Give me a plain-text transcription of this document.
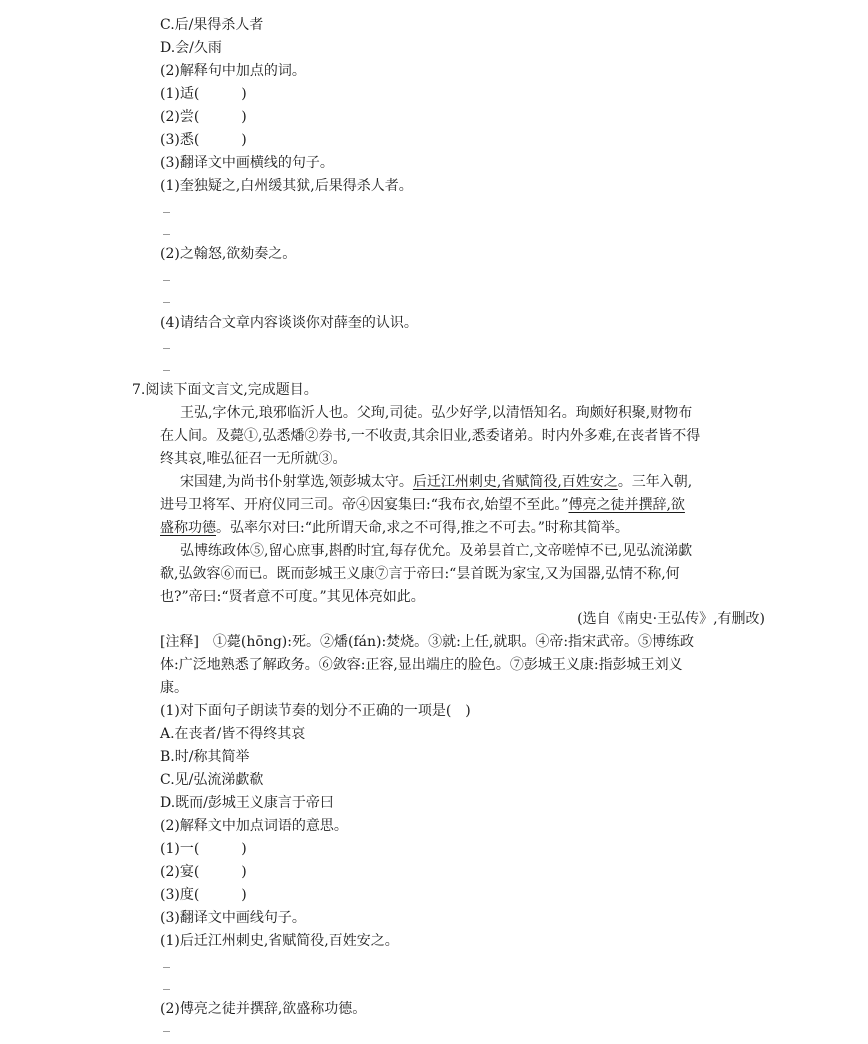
C.后/果得杀人者
D.会/久雨
(2)解释句中加点的词。
(1)适(　　　)
(2)尝(　　　)
(3)悉(　　　)
(3)翻译文中画横线的句子。
(1)奎独疑之,白州缓其狱,后果得杀人者。
(2)之翰怒,欲劾奏之。
(4)请结合文章内容谈谈你对薛奎的认识。
7.阅读下面文言文,完成题目。
王弘,字休元,琅邪临沂人也。父珣,司徒。弘少好学,以清悟知名。珣颇好积聚,财物布
在人间。及薨①,弘悉燔②券书,一不收责,其余旧业,悉委诸弟。时内外多难,在丧者皆不得
终其哀,唯弘征召一无所就③。
宋国建,为尚书仆射掌选,领彭城太守。后迁江州刺史,省赋简役,百姓安之。三年入朝,
进号卫将军、开府仪同三司。帝④因宴集曰:“我布衣,始望不至此。”傅亮之徒并撰辞,欲
盛称功德。弘率尔对曰:“此所谓天命,求之不可得,推之不可去。”时称其简举。
弘博练政体⑤,留心庶事,斟酌时宜,每存优允。及弟昙首亡,文帝嗟悼不已,见弘流涕歔
欷,弘敛容⑥而已。既而彭城王义康⑦言于帝曰:“昙首既为家宝,又为国器,弘情不称,何
也?”帝曰:“贤者意不可度。”其见体亮如此。
(选自《南史·王弘传》,有删改)
[注释]　①薨(hōng):死。②燔(fán):焚烧。③就:上任,就职。④帝:指宋武帝。⑤博练政
体:广泛地熟悉了解政务。⑥敛容:正容,显出端庄的脸色。⑦彭城王义康:指彭城王刘义
康。
(1)对下面句子朗读节奏的划分不正确的一项是(　)
A.在丧者/皆不得终其哀
B.时/称其简举
C.见/弘流涕歔欷
D.既而/彭城王义康言于帝曰
(2)解释文中加点词语的意思。
(1)一(　　　)
(2)宴(　　　)
(3)度(　　　)
(3)翻译文中画线句子。
(1)后迁江州刺史,省赋简役,百姓安之。
(2)傅亮之徒并撰辞,欲盛称功德。
